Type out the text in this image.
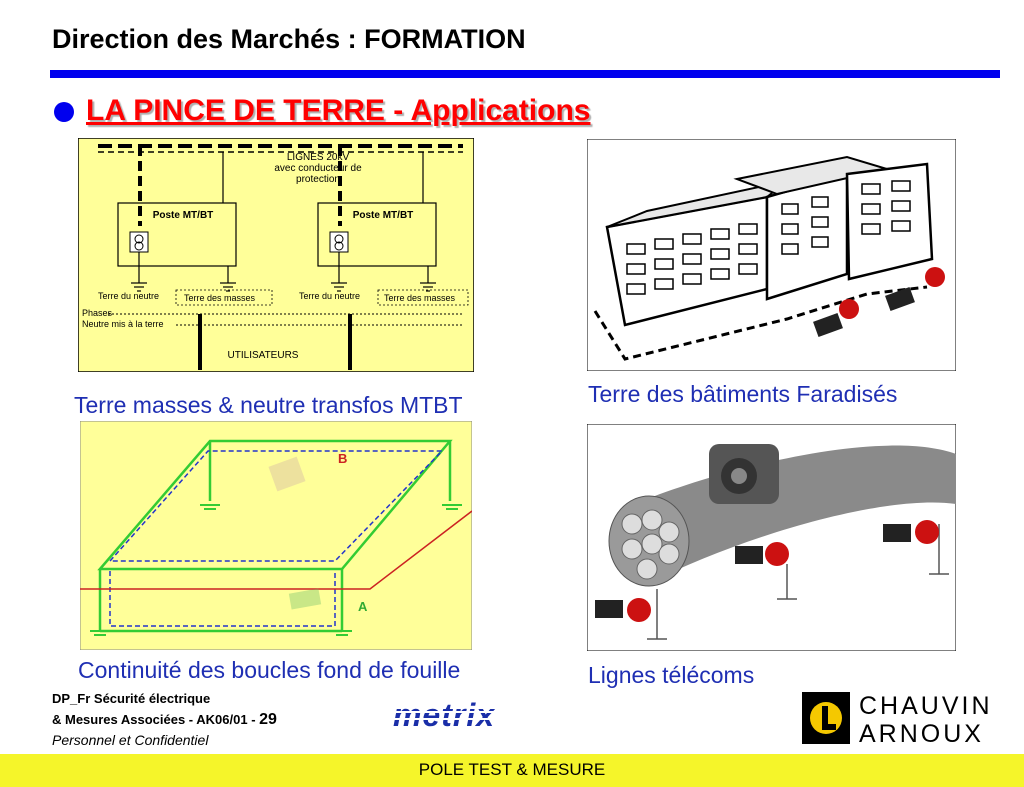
Direction des Marchés : FORMATION
LA PINCE DE TERRE - Applications
LIGNES 20kV
avec conducteur de
protection
Poste MT/BT	Poste MT/BT
Terre du neutre	Terre des masses	Terre du neutre	Terre des masses
Phases
Neutre mis à la terre
UTILISATEURS
Terre masses & neutre transfos MTBT	Terre des bâtiments Faradisés
B
A
Continuité des boucles fond de fouille	Lignes télécoms
DP_Fr Sécurité électrique
& Mesures Associées - AK06/01 - 29
Personnel et Confidentiel
metrix	CHAUVIN
ARNOUX
POLE TEST & MESURE
